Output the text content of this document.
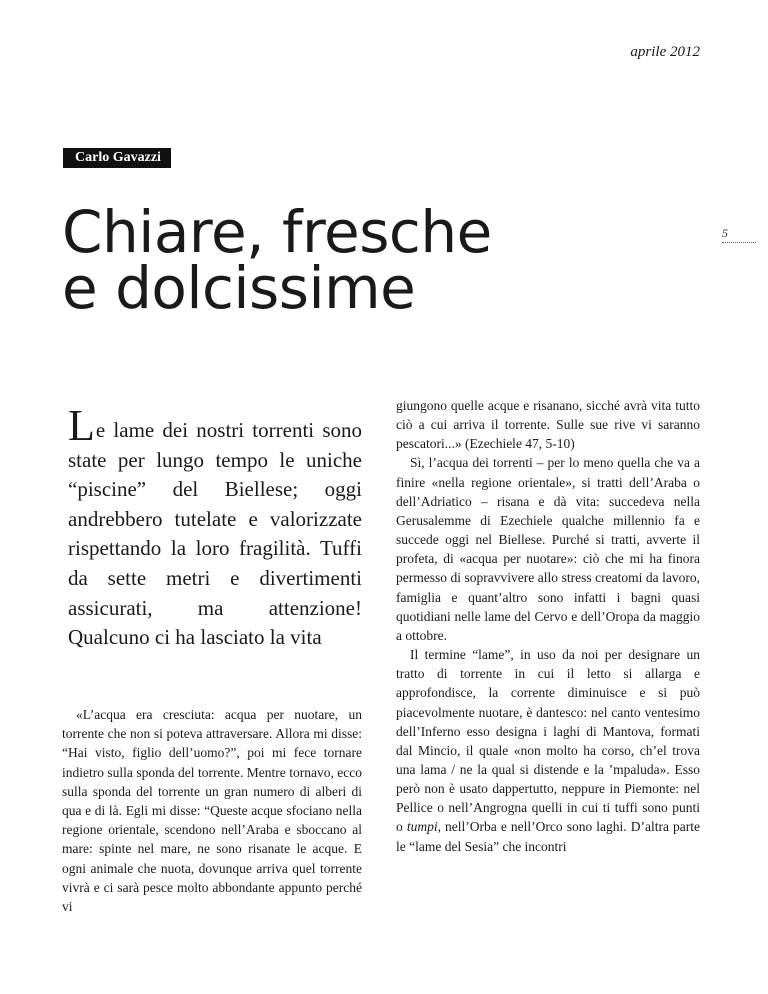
aprile 2012
Carlo Gavazzi
Chiare, fresche
e dolcissime
5
Le lame dei nostri torrenti sono state per lungo tempo le uniche “piscine” del Biellese; oggi andrebbero tutelate e valorizzate rispettando la loro fragilità. Tuffi da sette metri e divertimenti assicurati, ma attenzione! Qualcuno ci ha lasciato la vita
«L’acqua era cresciuta: acqua per nuotare, un torrente che non si poteva attraversare. Allora mi disse: “Hai visto, figlio dell’uomo?”, poi mi fece tornare indietro sulla sponda del torrente. Mentre tornavo, ecco sulla sponda del torrente un gran numero di alberi di qua e di là. Egli mi disse: “Queste acque sfociano nella regione orientale, scendono nell’Araba e sboccano al mare: spinte nel mare, ne sono risanate le acque. E ogni animale che nuota, dovunque arriva quel torrente vivrà e ci sarà pesce molto abbondante appunto perché vi

giungono quelle acque e risanano, sicché avrà vita tutto ciò a cui arriva il torrente. Sulle sue rive vi saranno pescatori...» (Ezechiele 47, 5-10)

Sì, l’acqua dei torrenti – per lo meno quella che va a finire «nella regione orientale», si tratti dell’Araba o dell’Adriatico – risana e dà vita: succedeva nella Gerusalemme di Ezechiele qualche millennio fa e succede oggi nel Biellese. Purché si tratti, avverte il profeta, di «acqua per nuotare»: ciò che mi ha finora permesso di sopravvivere allo stress creatomi da lavoro, famiglia e quant’altro sono infatti i bagni quasi quotidiani nelle lame del Cervo e dell’Oropa da maggio a ottobre.

Il termine “lame”, in uso da noi per designare un tratto di torrente in cui il letto si allarga e approfondisce, la corrente diminuisce e si può piacevolmente nuotare, è dantesco: nel canto ventesimo dell’Inferno esso designa i laghi di Mantova, formati dal Mincio, il quale «non molto ha corso, ch’el trova una lama / ne la qual si distende e la ’mpaluda». Esso però non è usato dappertutto, neppure in Piemonte: nel Pellice o nell’Angrogna quelli in cui ti tuffi sono punti o tumpi, nell’Orba e nell’Orco sono laghi. D’altra parte le “lame del Sesia” che incontri
